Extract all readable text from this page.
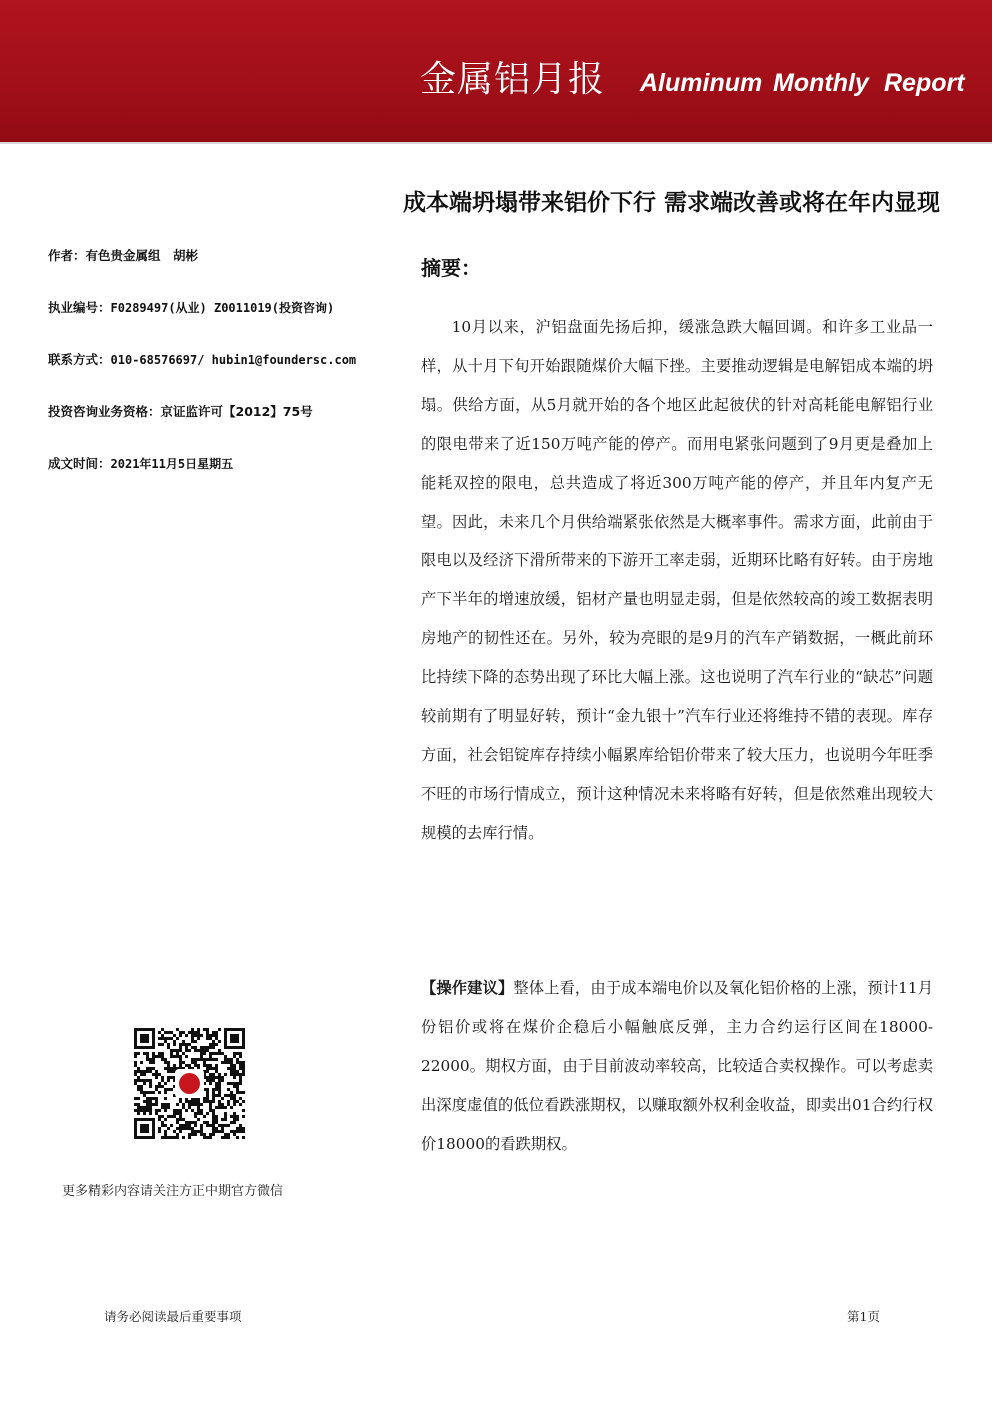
金属铝月报 Aluminum Monthly Report
成本端坍塌带来铝价下行 需求端改善或将在年内显现
作者：有色贵金属组　胡彬
执业编号：F0289497(从业) Z0011019(投资咨询)
联系方式：010-68576697/ hubin1@foundersc.com
投资咨询业务资格：京证监许可【2012】75号
成文时间：2021年11月5日星期五
摘要：

10月以来，沪铝盘面先扬后抑，缓涨急跌大幅回调。和许多工业品一样，从十月下旬开始跟随煤价大幅下挫。主要推动逻辑是电解铝成本端的坍塌。供给方面，从5月就开始的各个地区此起彼伏的针对高耗能电解铝行业的限电带来了近150万吨产能的停产。而用电紧张问题到了9月更是叠加上能耗双控的限电，总共造成了将近300万吨产能的停产，并且年内复产无望。因此，未来几个月供给端紧张依然是大概率事件。需求方面，此前由于限电以及经济下滑所带来的下游开工率走弱，近期环比略有好转。由于房地产下半年的增速放缓，铝材产量也明显走弱，但是依然较高的竣工数据表明房地产的韧性还在。另外，较为亮眼的是9月的汽车产销数据，一概此前环比持续下降的态势出现了环比大幅上涨。这也说明了汽车行业的“缺芯”问题较前期有了明显好转，预计“金九银十”汽车行业还将维持不错的表现。库存方面，社会铝锭库存持续小幅累库给铝价带来了较大压力，也说明今年旺季不旺的市场行情成立，预计这种情况未来将略有好转，但是依然难出现较大规模的去库行情。

【操作建议】整体上看，由于成本端电价以及氧化铝价格的上涨，预计11月份铝价或将在煤价企稳后小幅触底反弹，主力合约运行区间在18000-22000。期权方面，由于目前波动率较高，比较适合卖权操作。可以考虑卖出深度虚值的低位看跌涨期权，以赚取额外权利金收益，即卖出01合约行权价18000的看跌期权。

更多精彩内容请关注方正中期官方微信
请务必阅读最后重要事项	第1页
